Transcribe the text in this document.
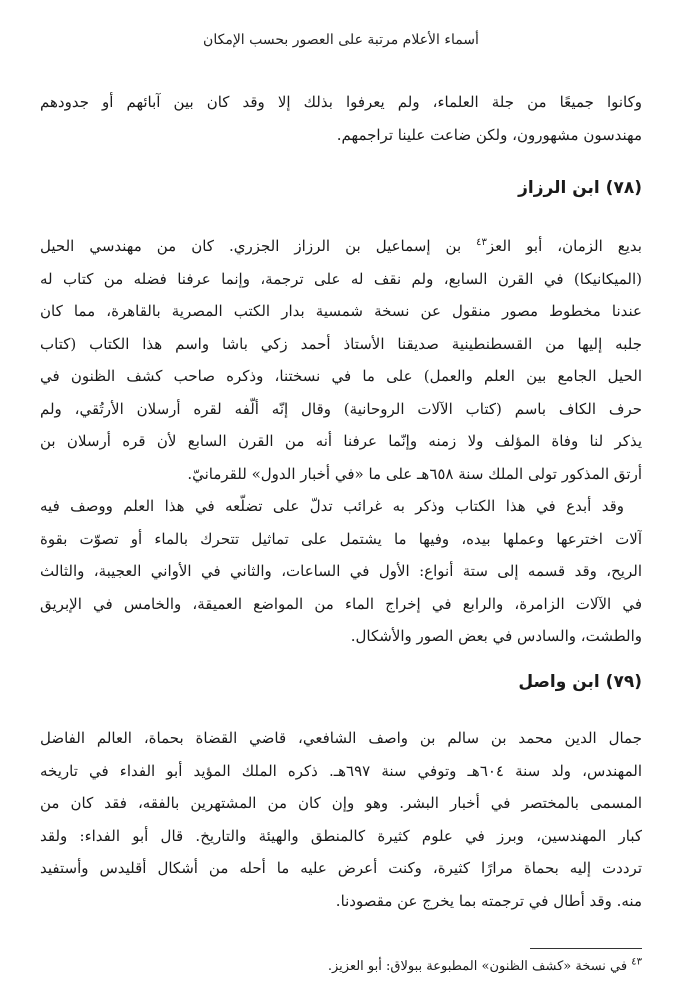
أسماء الأعلام مرتبة على العصور بحسب الإمكان
وكانوا جميعًا من جلة العلماء، ولم يعرفوا بذلك إلا وقد كان بين آبائهم أو جدودهم
مهندسون مشهورون، ولكن ضاعت علينا تراجمهم.
(٧٨) ابن الرزاز
بديع الزمان، أبو العز$^{٤٣}$ بن إسماعيل بن الرزاز الجزري. كان من مهندسي الحيل
(الميكانيكا) في القرن السابع، ولم نقف له على ترجمة، وإنما عرفنا فضله من كتاب له
عندنا مخطوط مصور منقول عن نسخة شمسية بدار الكتب المصرية بالقاهرة، مما كان
جلبه إليها من القسطنطينية صديقنا الأستاذ أحمد زكي باشا واسم هذا الكتاب (كتاب
الحيل الجامع بين العلم والعمل) على ما في نسختنا، وذكره صاحب كشف الظنون في
حرف الكاف باسم (كتاب الآلات الروحانية) وقال إنّه ألّفه لقره أرسلان الأرتُقي، ولم
يذكر لنا وفاة المؤلف ولا زمنه وإنّما عرفنا أنه من القرن السابع لأن قره أرسلان بن
أرتق المذكور تولى الملك سنة ٦٥٨هـ على ما «في أخبار الدول» للقرمانيّ.
وقد أبدع في هذا الكتاب وذكر به غرائب تدلّ على تضلّعه في هذا العلم ووصف فيه
آلات اخترعها وعملها بيده، وفيها ما يشتمل على تماثيل تتحرك بالماء أو تصوّت بقوة
الريح، وقد قسمه إلى ستة أنواع: الأول في الساعات، والثاني في الأواني العجيبة، والثالث
في الآلات الزامرة، والرابع في إخراج الماء من المواضع العميقة، والخامس في الإبريق
والطشت، والسادس في بعض الصور والأشكال.
(٧٩) ابن واصل
جمال الدين محمد بن سالم بن واصف الشافعي، قاضي القضاة بحماة، العالم الفاضل
المهندس، ولد سنة ٦٠٤هـ وتوفي سنة ٦٩٧هـ. ذكره الملك المؤيد أبو الفداء في تاريخه
المسمى بالمختصر في أخبار البشر. وهو وإن كان من المشتهرين بالفقه، فقد كان من
كبار المهندسين، وبرز في علوم كثيرة كالمنطق والهيئة والتاريخ. قال أبو الفداء: ولقد
ترددت إليه بحماة مرارًا كثيرة، وكنت أعرض عليه ما أحله من أشكال أقليدس وأستفيد
منه. وقد أطال في ترجمته بما يخرج عن مقصودنا.
$^{٤٣}$ في نسخة «كشف الظنون» المطبوعة ببولاق: أبو العزيز.
